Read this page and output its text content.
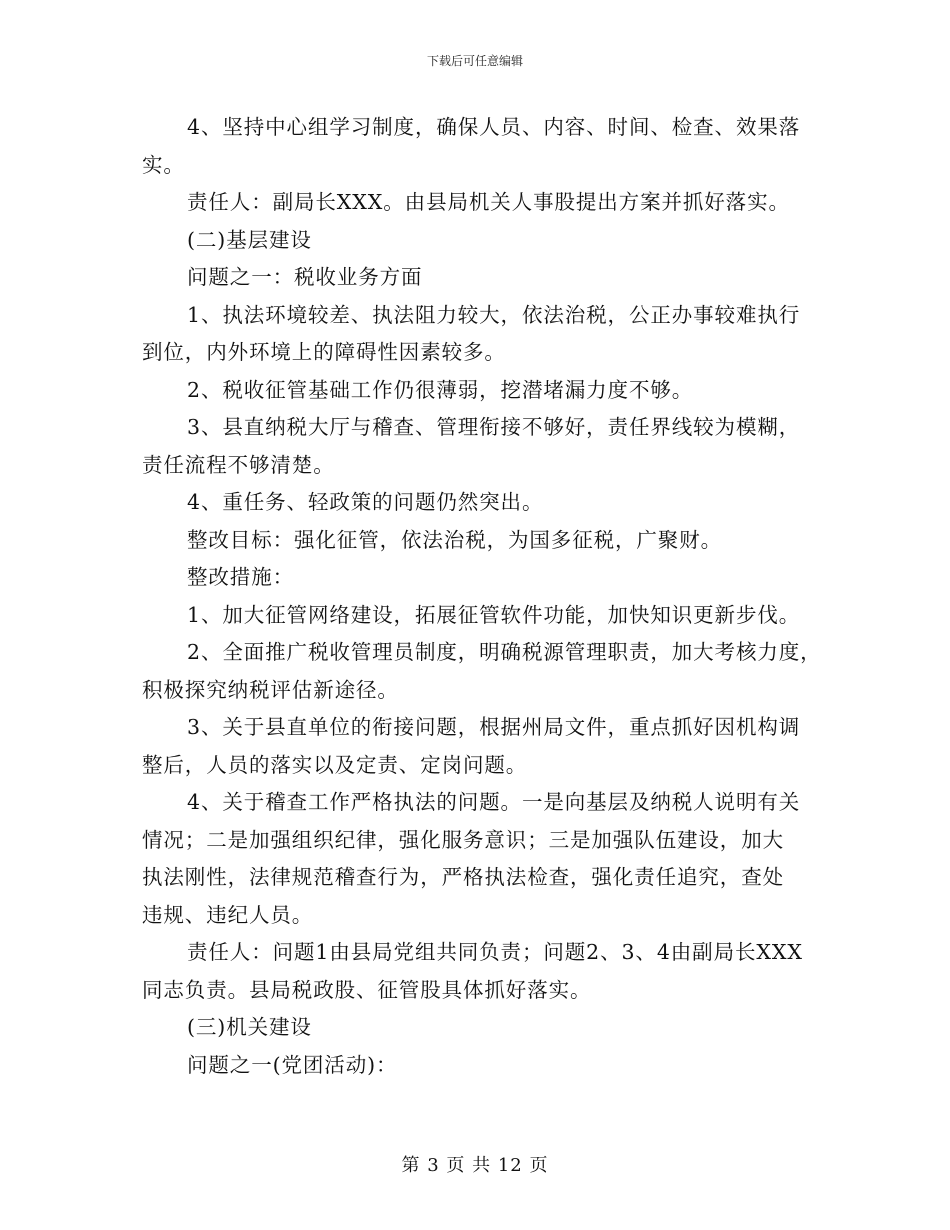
下载后可任意编辑
4、坚持中心组学习制度，确保人员、内容、时间、检查、效果落
实。
责任人：副局长XXX。由县局机关人事股提出方案并抓好落实。
(二)基层建设
问题之一：税收业务方面
1、执法环境较差、执法阻力较大，依法治税，公正办事较难执行
到位，内外环境上的障碍性因素较多。
2、税收征管基础工作仍很薄弱，挖潜堵漏力度不够。
3、县直纳税大厅与稽查、管理衔接不够好，责任界线较为模糊，
责任流程不够清楚。
4、重任务、轻政策的问题仍然突出。
整改目标：强化征管，依法治税，为国多征税，广聚财。
整改措施：
1、加大征管网络建设，拓展征管软件功能，加快知识更新步伐。
2、全面推广税收管理员制度，明确税源管理职责，加大考核力度，
积极探究纳税评估新途径。
3、关于县直单位的衔接问题，根据州局文件，重点抓好因机构调
整后，人员的落实以及定责、定岗问题。
4、关于稽查工作严格执法的问题。一是向基层及纳税人说明有关
情况；二是加强组织纪律，强化服务意识；三是加强队伍建设，加大
执法刚性，法律规范稽查行为，严格执法检查，强化责任追究，查处
违规、违纪人员。
责任人：问题1由县局党组共同负责；问题2、3、4由副局长XXX
同志负责。县局税政股、征管股具体抓好落实。
(三)机关建设
问题之一(党团活动)：
第 3 页 共 12 页
